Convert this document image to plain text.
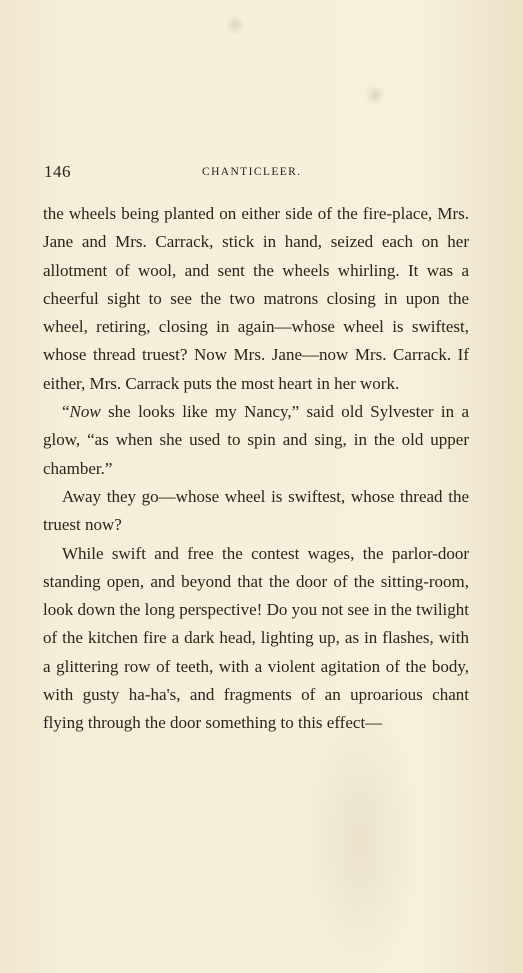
146	CHANTICLEER.

the wheels being planted on either side of the fire-place, Mrs. Jane and Mrs. Carrack, stick in hand, seized each on her allotment of wool, and sent the wheels whirling. It was a cheerful sight to see the two matrons closing in upon the wheel, retiring, closing in again—whose wheel is swiftest, whose thread truest? Now Mrs. Jane—now Mrs. Carrack. If either, Mrs. Carrack puts the most heart in her work.

“Now she looks like my Nancy,” said old Sylvester in a glow, “as when she used to spin and sing, in the old upper chamber.”

Away they go—whose wheel is swiftest, whose thread the truest now?

While swift and free the contest wages, the parlor-door standing open, and beyond that the door of the sitting-room, look down the long perspective! Do you not see in the twilight of the kitchen fire a dark head, lighting up, as in flashes, with a glittering row of teeth, with a violent agitation of the body, with gusty ha-ha's, and fragments of an uproarious chant flying through the door something to this effect—
